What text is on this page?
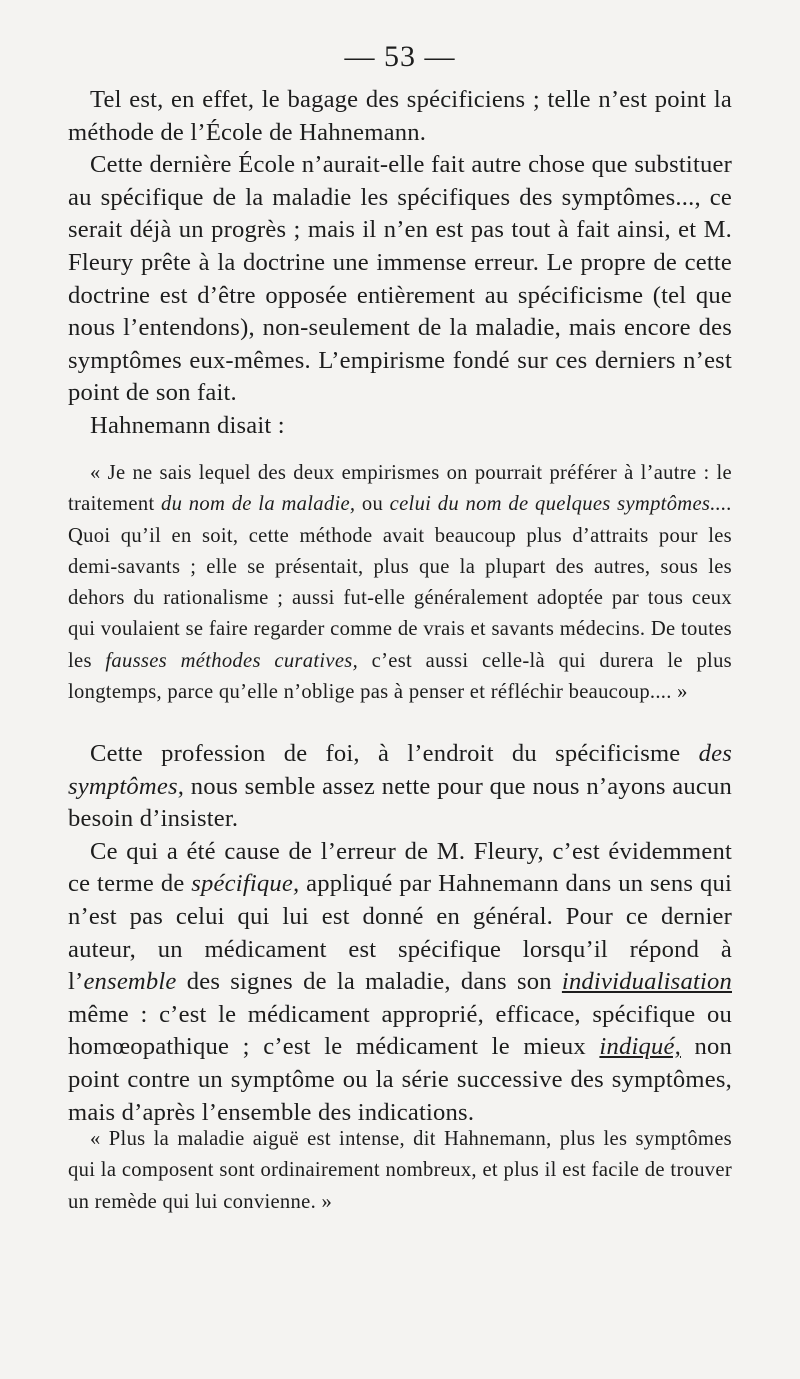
— 53 —

Tel est, en effet, le bagage des spécificiens ; telle n’est point la méthode de l’École de Hahnemann.

Cette dernière École n’aurait-elle fait autre chose que substituer au spécifique de la maladie les spécifiques des symptômes..., ce serait déjà un progrès ; mais il n’en est pas tout à fait ainsi, et M. Fleury prête à la doctrine une immense erreur. Le propre de cette doctrine est d’être opposée entièrement au spécificisme (tel que nous l’entendons), non-seulement de la maladie, mais encore des symptômes eux-mêmes. L’empirisme fondé sur ces derniers n’est point de son fait.

Hahnemann disait :

« Je ne sais lequel des deux empirismes on pourrait préférer à l’autre : le traitement du nom de la maladie, ou celui du nom de quelques symptômes.... Quoi qu’il en soit, cette méthode avait beaucoup plus d’attraits pour les demi-savants ; elle se présentait, plus que la plupart des autres, sous les dehors du rationalisme ; aussi fut-elle généralement adoptée par tous ceux qui voulaient se faire regarder comme de vrais et savants médecins. De toutes les fausses méthodes curatives, c’est aussi celle-là qui durera le plus longtemps, parce qu’elle n’oblige pas à penser et réfléchir beaucoup.... »

Cette profession de foi, à l’endroit du spécificisme des symptômes, nous semble assez nette pour que nous n’ayons aucun besoin d’insister.

Ce qui a été cause de l’erreur de M. Fleury, c’est évidemment ce terme de spécifique, appliqué par Hahnemann dans un sens qui n’est pas celui qui lui est donné en général. Pour ce dernier auteur, un médicament est spécifique lorsqu’il répond à l’ensemble des signes de la maladie, dans son individualisation même : c’est le médicament approprié, efficace, spécifique ou homœopathique ; c’est le médicament le mieux indiqué, non point contre un symptôme ou la série successive des symptômes, mais d’après l’ensemble des indications.

« Plus la maladie aiguë est intense, dit Hahnemann, plus les symptômes qui la composent sont ordinairement nombreux, et plus il est facile de trouver un remède qui lui convienne. »
